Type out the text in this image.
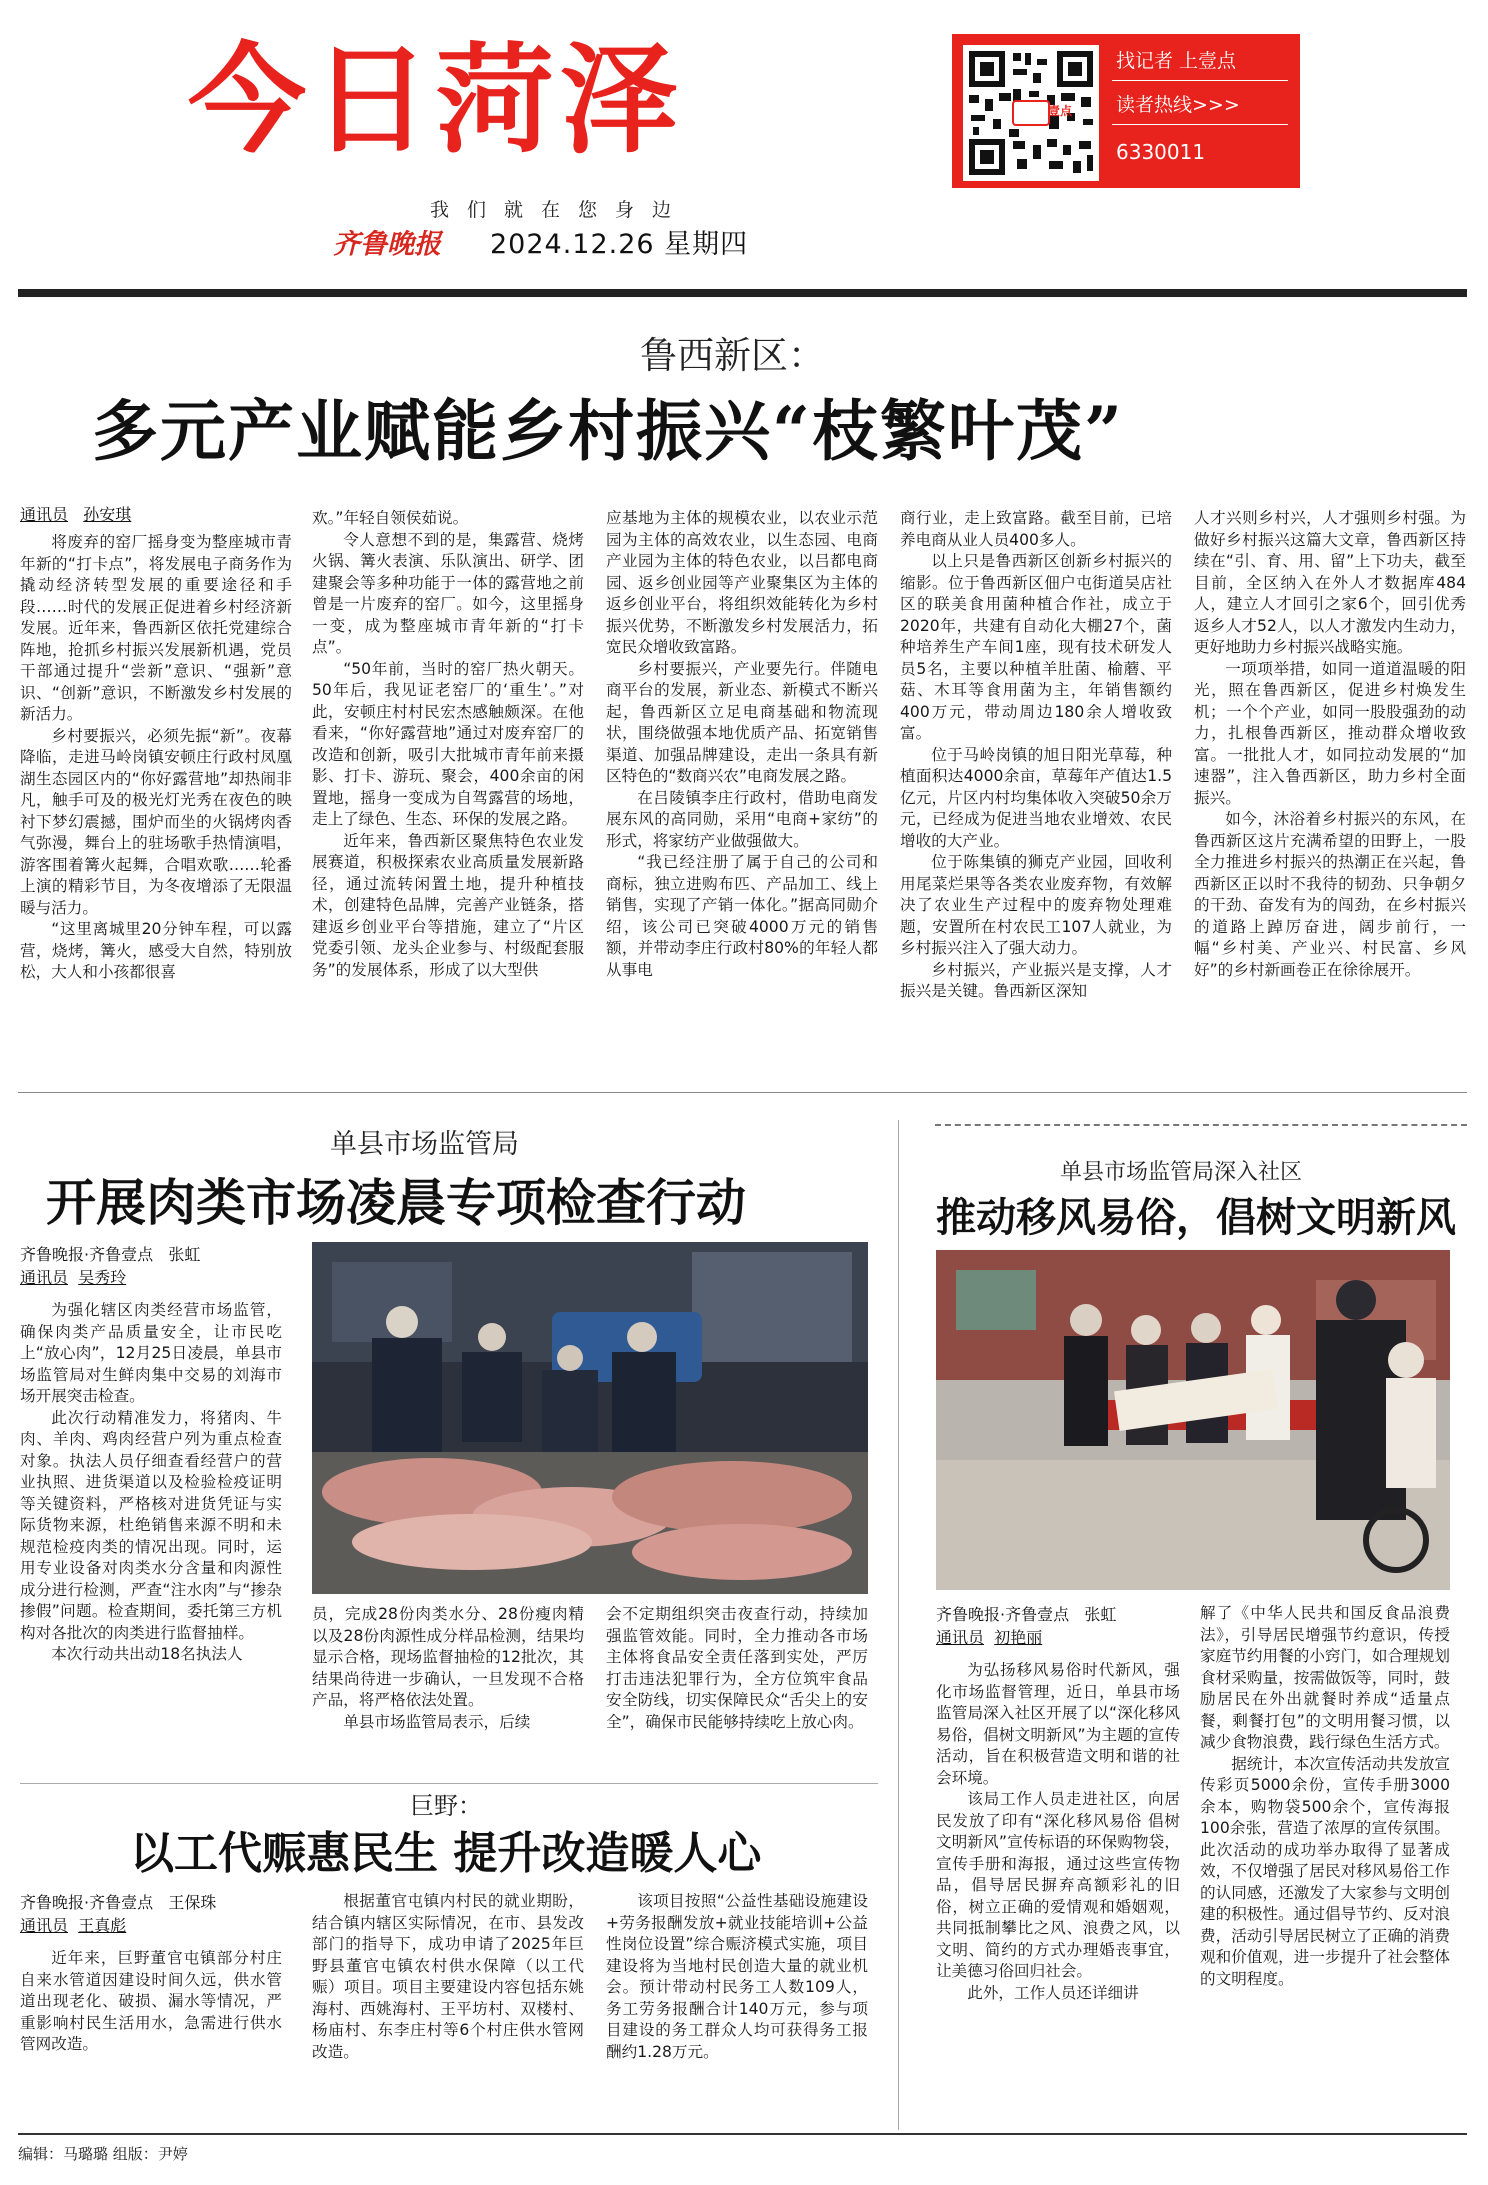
今日菏泽
我们就在您身边
齐鲁晚报 2024.12.26 星期四
壹点
找记者 上壹点
读者热线>>>
6330011
鲁西新区：
多元产业赋能乡村振兴“枝繁叶茂”
通讯员 孙安琪

将废弃的窑厂摇身变为整座城市青年新的“打卡点”，将发展电子商务作为撬动经济转型发展的重要途径和手段……时代的发展正促进着乡村经济新发展。近年来，鲁西新区依托党建综合阵地，抢抓乡村振兴发展新机遇，党员干部通过提升“尝新”意识、“强新”意识、“创新”意识，不断激发乡村发展的新活力。

乡村要振兴，必须先振“新”。夜幕降临，走进马岭岗镇安顿庄行政村凤凰湖生态园区内的“你好露营地”却热闹非凡，触手可及的极光灯光秀在夜色的映衬下梦幻震撼，围炉而坐的火锅烤肉香气弥漫，舞台上的驻场歌手热情演唱，游客围着篝火起舞，合唱欢歌……轮番上演的精彩节目，为冬夜增添了无限温暖与活力。

“这里离城里20分钟车程，可以露营，烧烤，篝火，感受大自然，特别放松，大人和小孩都很喜

欢。”年轻自领侯茹说。

令人意想不到的是，集露营、烧烤火锅、篝火表演、乐队演出、研学、团建聚会等多种功能于一体的露营地之前曾是一片废弃的窑厂。如今，这里摇身一变，成为整座城市青年新的“打卡点”。

“50年前，当时的窑厂热火朝天。50年后，我见证老窑厂的‘重生’。”对此，安顿庄村村民宏杰感触颇深。在他看来，“你好露营地”通过对废弃窑厂的改造和创新，吸引大批城市青年前来摄影、打卡、游玩、聚会，400余亩的闲置地，摇身一变成为自驾露营的场地，走上了绿色、生态、环保的发展之路。

近年来，鲁西新区聚焦特色农业发展赛道，积极探索农业高质量发展新路径，通过流转闲置土地，提升种植技术，创建特色品牌，完善产业链条，搭建返乡创业平台等措施，建立了“片区党委引领、龙头企业参与、村级配套服务”的发展体系，形成了以大型供

应基地为主体的规模农业，以农业示范园为主体的高效农业，以生态园、电商产业园为主体的特色农业，以吕都电商园、返乡创业园等产业聚集区为主体的返乡创业平台，将组织效能转化为乡村振兴优势，不断激发乡村发展活力，拓宽民众增收致富路。

乡村要振兴，产业要先行。伴随电商平台的发展，新业态、新模式不断兴起，鲁西新区立足电商基础和物流现状，围绕做强本地优质产品、拓宽销售渠道、加强品牌建设，走出一条具有新区特色的“数商兴农”电商发展之路。

在吕陵镇李庄行政村，借助电商发展东风的高同勋，采用“电商+家纺”的形式，将家纺产业做强做大。

“我已经注册了属于自己的公司和商标，独立进购布匹、产品加工、线上销售，实现了产销一体化。”据高同勋介绍，该公司已突破4000万元的销售额，并带动李庄行政村80%的年轻人都从事电

商行业，走上致富路。截至目前，已培养电商从业人员400多人。

以上只是鲁西新区创新乡村振兴的缩影。位于鲁西新区佃户屯街道吴店社区的联美食用菌种植合作社，成立于2020年，共建有自动化大棚27个，菌种培养生产车间1座，现有技术研发人员5名，主要以种植羊肚菌、榆蘑、平菇、木耳等食用菌为主，年销售额约400万元，带动周边180余人增收致富。

位于马岭岗镇的旭日阳光草莓，种植面积达4000余亩，草莓年产值达1.5亿元，片区内村均集体收入突破50余万元，已经成为促进当地农业增效、农民增收的大产业。

位于陈集镇的狮克产业园，回收利用尾菜烂果等各类农业废弃物，有效解决了农业生产过程中的废弃物处理难题，安置所在村农民工107人就业，为乡村振兴注入了强大动力。

乡村振兴，产业振兴是支撑，人才振兴是关键。鲁西新区深知

人才兴则乡村兴，人才强则乡村强。为做好乡村振兴这篇大文章，鲁西新区持续在“引、育、用、留”上下功夫，截至目前，全区纳入在外人才数据库484人，建立人才回引之家6个，回引优秀返乡人才52人，以人才激发内生动力，更好地助力乡村振兴战略实施。

一项项举措，如同一道道温暖的阳光，照在鲁西新区，促进乡村焕发生机；一个个产业，如同一股股强劲的动力，扎根鲁西新区，推动群众增收致富。一批批人才，如同拉动发展的“加速器”，注入鲁西新区，助力乡村全面振兴。

如今，沐浴着乡村振兴的东风，在鲁西新区这片充满希望的田野上，一股全力推进乡村振兴的热潮正在兴起，鲁西新区正以时不我待的韧劲、只争朝夕的干劲、奋发有为的闯劲，在乡村振兴的道路上踔厉奋进，阔步前行，一幅“乡村美、产业兴、村民富、乡风好”的乡村新画卷正在徐徐展开。

单县市场监管局
开展肉类市场凌晨专项检查行动
齐鲁晚报·齐鲁壹点 张虹
通讯员 吴秀玲

为强化辖区肉类经营市场监管，确保肉类产品质量安全，让市民吃上“放心肉”，12月25日凌晨，单县市场监管局对生鲜肉集中交易的刘海市场开展突击检查。

此次行动精准发力，将猪肉、牛肉、羊肉、鸡肉经营户列为重点检查对象。执法人员仔细查看经营户的营业执照、进货渠道以及检验检疫证明等关键资料，严格核对进货凭证与实际货物来源，杜绝销售来源不明和未规范检疫肉类的情况出现。同时，运用专业设备对肉类水分含量和肉源性成分进行检测，严查“注水肉”与“掺杂掺假”问题。检查期间，委托第三方机构对各批次的肉类进行监督抽样。

本次行动共出动18名执法人

员，完成28份肉类水分、28份瘦肉精以及28份肉源性成分样品检测，结果均显示合格，现场监督抽检的12批次，其结果尚待进一步确认，一旦发现不合格产品，将严格依法处置。

单县市场监管局表示，后续

会不定期组织突击夜查行动，持续加强监管效能。同时，全力推动各市场主体将食品安全责任落到实处，严厉打击违法犯罪行为，全方位筑牢食品安全防线，切实保障民众“舌尖上的安全”，确保市民能够持续吃上放心肉。

单县市场监管局深入社区
推动移风易俗，倡树文明新风
齐鲁晚报·齐鲁壹点 张虹
通讯员 初艳丽

为弘扬移风易俗时代新风，强化市场监督管理，近日，单县市场监管局深入社区开展了以“深化移风易俗，倡树文明新风”为主题的宣传活动，旨在积极营造文明和谐的社会环境。

该局工作人员走进社区，向居民发放了印有“深化移风易俗 倡树文明新风”宣传标语的环保购物袋，宣传手册和海报，通过这些宣传物品，倡导居民摒弃高额彩礼的旧俗，树立正确的爱情观和婚姻观，共同抵制攀比之风、浪费之风，以文明、简约的方式办理婚丧事宜，让美德习俗回归社会。

此外，工作人员还详细讲

解了《中华人民共和国反食品浪费法》，引导居民增强节约意识，传授家庭节约用餐的小窍门，如合理规划食材采购量，按需做饭等，同时，鼓励居民在外出就餐时养成“适量点餐，剩餐打包”的文明用餐习惯，以减少食物浪费，践行绿色生活方式。

据统计，本次宣传活动共发放宣传彩页5000余份，宣传手册3000余本，购物袋500余个，宣传海报100余张，营造了浓厚的宣传氛围。此次活动的成功举办取得了显著成效，不仅增强了居民对移风易俗工作的认同感，还激发了大家参与文明创建的积极性。通过倡导节约、反对浪费，活动引导居民树立了正确的消费观和价值观，进一步提升了社会整体的文明程度。

巨野：
以工代赈惠民生 提升改造暖人心
齐鲁晚报·齐鲁壹点 王保珠
通讯员 王真彪

近年来，巨野董官屯镇部分村庄自来水管道因建设时间久远，供水管道出现老化、破损、漏水等情况，严重影响村民生活用水，急需进行供水管网改造。

根据董官屯镇内村民的就业期盼，结合镇内辖区实际情况，在市、县发改部门的指导下，成功申请了2025年巨野县董官屯镇农村供水保障（以工代赈）项目。项目主要建设内容包括东姚海村、西姚海村、王平坊村、双楼村、杨庙村、东李庄村等6个村庄供水管网改造。

该项目按照“公益性基础设施建设+劳务报酬发放+就业技能培训+公益性岗位设置”综合赈济模式实施，项目建设将为当地村民创造大量的就业机会。预计带动村民务工人数109人，务工劳务报酬合计140万元，参与项目建设的务工群众人均可获得务工报酬约1.28万元。

编辑：马璐璐 组版：尹婷
